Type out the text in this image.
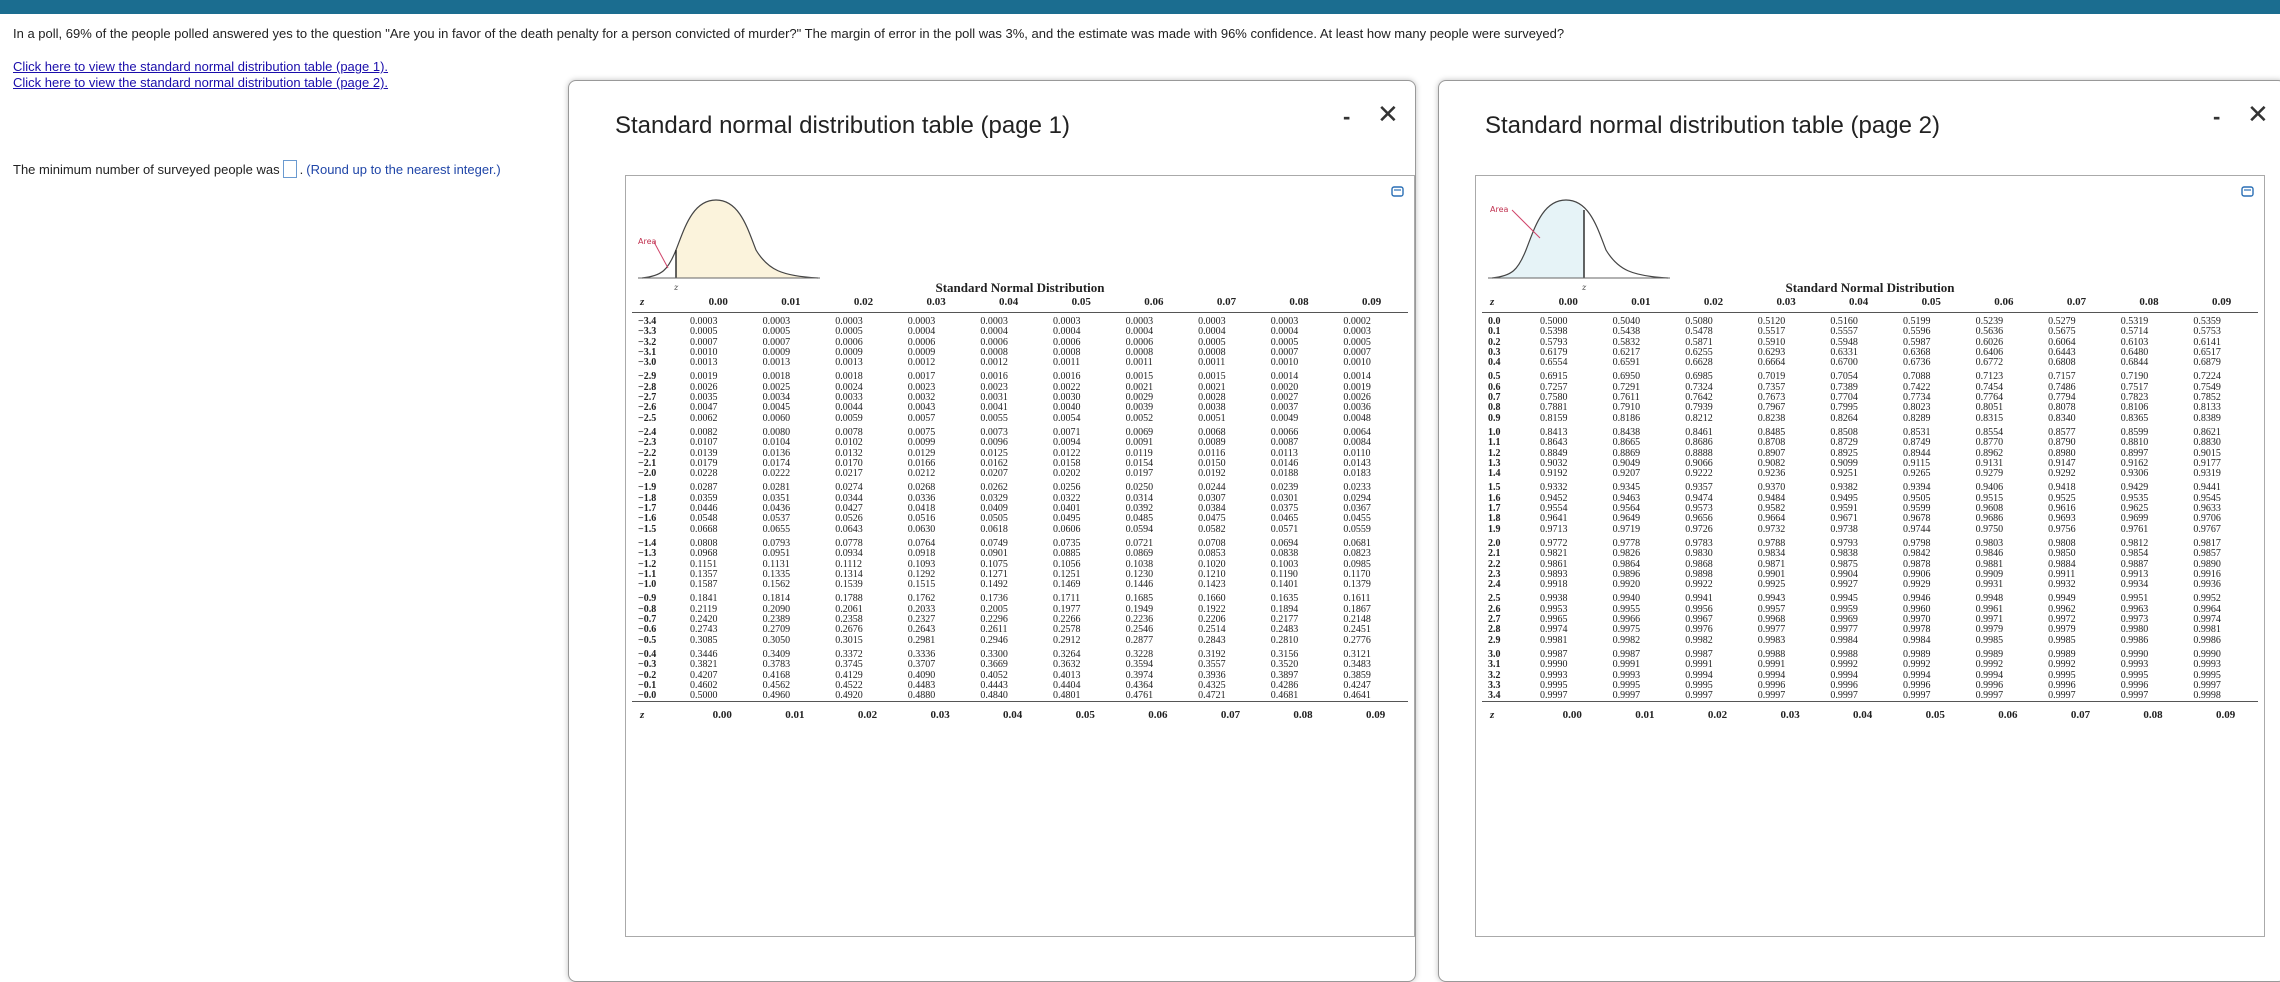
In a poll, 69% of the people polled answered yes to the question "Are you in favor of the death penalty for a person convicted of murder?" The margin of error in the poll was 3%, and the estimate was made with 96% confidence. At least how many people were surveyed?
Click here to view the standard normal distribution table (page 1).
Click here to view the standard normal distribution table (page 2).
The minimum number of surveyed people was . (Round up to the nearest integer.)
Standard normal distribution table (page 1)	- ✕
Area
z	Standard Normal Distribution
z	0.00	0.01	0.02	0.03	0.04	0.05	0.06	0.07	0.08	0.09
−3.4	0.0003	0.0003	0.0003	0.0003	0.0003	0.0003	0.0003	0.0003	0.0003	0.0002
−3.3	0.0005	0.0005	0.0005	0.0004	0.0004	0.0004	0.0004	0.0004	0.0004	0.0003
−3.2	0.0007	0.0007	0.0006	0.0006	0.0006	0.0006	0.0006	0.0005	0.0005	0.0005
−3.1	0.0010	0.0009	0.0009	0.0009	0.0008	0.0008	0.0008	0.0008	0.0007	0.0007
−3.0	0.0013	0.0013	0.0013	0.0012	0.0012	0.0011	0.0011	0.0011	0.0010	0.0010
−2.9	0.0019	0.0018	0.0018	0.0017	0.0016	0.0016	0.0015	0.0015	0.0014	0.0014
−2.8	0.0026	0.0025	0.0024	0.0023	0.0023	0.0022	0.0021	0.0021	0.0020	0.0019
−2.7	0.0035	0.0034	0.0033	0.0032	0.0031	0.0030	0.0029	0.0028	0.0027	0.0026
−2.6	0.0047	0.0045	0.0044	0.0043	0.0041	0.0040	0.0039	0.0038	0.0037	0.0036
−2.5	0.0062	0.0060	0.0059	0.0057	0.0055	0.0054	0.0052	0.0051	0.0049	0.0048
−2.4	0.0082	0.0080	0.0078	0.0075	0.0073	0.0071	0.0069	0.0068	0.0066	0.0064
−2.3	0.0107	0.0104	0.0102	0.0099	0.0096	0.0094	0.0091	0.0089	0.0087	0.0084
−2.2	0.0139	0.0136	0.0132	0.0129	0.0125	0.0122	0.0119	0.0116	0.0113	0.0110
−2.1	0.0179	0.0174	0.0170	0.0166	0.0162	0.0158	0.0154	0.0150	0.0146	0.0143
−2.0	0.0228	0.0222	0.0217	0.0212	0.0207	0.0202	0.0197	0.0192	0.0188	0.0183
−1.9	0.0287	0.0281	0.0274	0.0268	0.0262	0.0256	0.0250	0.0244	0.0239	0.0233
−1.8	0.0359	0.0351	0.0344	0.0336	0.0329	0.0322	0.0314	0.0307	0.0301	0.0294
−1.7	0.0446	0.0436	0.0427	0.0418	0.0409	0.0401	0.0392	0.0384	0.0375	0.0367
−1.6	0.0548	0.0537	0.0526	0.0516	0.0505	0.0495	0.0485	0.0475	0.0465	0.0455
−1.5	0.0668	0.0655	0.0643	0.0630	0.0618	0.0606	0.0594	0.0582	0.0571	0.0559
−1.4	0.0808	0.0793	0.0778	0.0764	0.0749	0.0735	0.0721	0.0708	0.0694	0.0681
−1.3	0.0968	0.0951	0.0934	0.0918	0.0901	0.0885	0.0869	0.0853	0.0838	0.0823
−1.2	0.1151	0.1131	0.1112	0.1093	0.1075	0.1056	0.1038	0.1020	0.1003	0.0985
−1.1	0.1357	0.1335	0.1314	0.1292	0.1271	0.1251	0.1230	0.1210	0.1190	0.1170
−1.0	0.1587	0.1562	0.1539	0.1515	0.1492	0.1469	0.1446	0.1423	0.1401	0.1379
−0.9	0.1841	0.1814	0.1788	0.1762	0.1736	0.1711	0.1685	0.1660	0.1635	0.1611
−0.8	0.2119	0.2090	0.2061	0.2033	0.2005	0.1977	0.1949	0.1922	0.1894	0.1867
−0.7	0.2420	0.2389	0.2358	0.2327	0.2296	0.2266	0.2236	0.2206	0.2177	0.2148
−0.6	0.2743	0.2709	0.2676	0.2643	0.2611	0.2578	0.2546	0.2514	0.2483	0.2451
−0.5	0.3085	0.3050	0.3015	0.2981	0.2946	0.2912	0.2877	0.2843	0.2810	0.2776
−0.4	0.3446	0.3409	0.3372	0.3336	0.3300	0.3264	0.3228	0.3192	0.3156	0.3121
−0.3	0.3821	0.3783	0.3745	0.3707	0.3669	0.3632	0.3594	0.3557	0.3520	0.3483
−0.2	0.4207	0.4168	0.4129	0.4090	0.4052	0.4013	0.3974	0.3936	0.3897	0.3859
−0.1	0.4602	0.4562	0.4522	0.4483	0.4443	0.4404	0.4364	0.4325	0.4286	0.4247
−0.0	0.5000	0.4960	0.4920	0.4880	0.4840	0.4801	0.4761	0.4721	0.4681	0.4641
z	0.00	0.01	0.02	0.03	0.04	0.05	0.06	0.07	0.08	0.09
Standard normal distribution table (page 2)	- ✕
Area
z	Standard Normal Distribution
z	0.00	0.01	0.02	0.03	0.04	0.05	0.06	0.07	0.08	0.09
0.0	0.5000	0.5040	0.5080	0.5120	0.5160	0.5199	0.5239	0.5279	0.5319	0.5359
0.1	0.5398	0.5438	0.5478	0.5517	0.5557	0.5596	0.5636	0.5675	0.5714	0.5753
0.2	0.5793	0.5832	0.5871	0.5910	0.5948	0.5987	0.6026	0.6064	0.6103	0.6141
0.3	0.6179	0.6217	0.6255	0.6293	0.6331	0.6368	0.6406	0.6443	0.6480	0.6517
0.4	0.6554	0.6591	0.6628	0.6664	0.6700	0.6736	0.6772	0.6808	0.6844	0.6879
0.5	0.6915	0.6950	0.6985	0.7019	0.7054	0.7088	0.7123	0.7157	0.7190	0.7224
0.6	0.7257	0.7291	0.7324	0.7357	0.7389	0.7422	0.7454	0.7486	0.7517	0.7549
0.7	0.7580	0.7611	0.7642	0.7673	0.7704	0.7734	0.7764	0.7794	0.7823	0.7852
0.8	0.7881	0.7910	0.7939	0.7967	0.7995	0.8023	0.8051	0.8078	0.8106	0.8133
0.9	0.8159	0.8186	0.8212	0.8238	0.8264	0.8289	0.8315	0.8340	0.8365	0.8389
1.0	0.8413	0.8438	0.8461	0.8485	0.8508	0.8531	0.8554	0.8577	0.8599	0.8621
1.1	0.8643	0.8665	0.8686	0.8708	0.8729	0.8749	0.8770	0.8790	0.8810	0.8830
1.2	0.8849	0.8869	0.8888	0.8907	0.8925	0.8944	0.8962	0.8980	0.8997	0.9015
1.3	0.9032	0.9049	0.9066	0.9082	0.9099	0.9115	0.9131	0.9147	0.9162	0.9177
1.4	0.9192	0.9207	0.9222	0.9236	0.9251	0.9265	0.9279	0.9292	0.9306	0.9319
1.5	0.9332	0.9345	0.9357	0.9370	0.9382	0.9394	0.9406	0.9418	0.9429	0.9441
1.6	0.9452	0.9463	0.9474	0.9484	0.9495	0.9505	0.9515	0.9525	0.9535	0.9545
1.7	0.9554	0.9564	0.9573	0.9582	0.9591	0.9599	0.9608	0.9616	0.9625	0.9633
1.8	0.9641	0.9649	0.9656	0.9664	0.9671	0.9678	0.9686	0.9693	0.9699	0.9706
1.9	0.9713	0.9719	0.9726	0.9732	0.9738	0.9744	0.9750	0.9756	0.9761	0.9767
2.0	0.9772	0.9778	0.9783	0.9788	0.9793	0.9798	0.9803	0.9808	0.9812	0.9817
2.1	0.9821	0.9826	0.9830	0.9834	0.9838	0.9842	0.9846	0.9850	0.9854	0.9857
2.2	0.9861	0.9864	0.9868	0.9871	0.9875	0.9878	0.9881	0.9884	0.9887	0.9890
2.3	0.9893	0.9896	0.9898	0.9901	0.9904	0.9906	0.9909	0.9911	0.9913	0.9916
2.4	0.9918	0.9920	0.9922	0.9925	0.9927	0.9929	0.9931	0.9932	0.9934	0.9936
2.5	0.9938	0.9940	0.9941	0.9943	0.9945	0.9946	0.9948	0.9949	0.9951	0.9952
2.6	0.9953	0.9955	0.9956	0.9957	0.9959	0.9960	0.9961	0.9962	0.9963	0.9964
2.7	0.9965	0.9966	0.9967	0.9968	0.9969	0.9970	0.9971	0.9972	0.9973	0.9974
2.8	0.9974	0.9975	0.9976	0.9977	0.9977	0.9978	0.9979	0.9979	0.9980	0.9981
2.9	0.9981	0.9982	0.9982	0.9983	0.9984	0.9984	0.9985	0.9985	0.9986	0.9986
3.0	0.9987	0.9987	0.9987	0.9988	0.9988	0.9989	0.9989	0.9989	0.9990	0.9990
3.1	0.9990	0.9991	0.9991	0.9991	0.9992	0.9992	0.9992	0.9992	0.9993	0.9993
3.2	0.9993	0.9993	0.9994	0.9994	0.9994	0.9994	0.9994	0.9995	0.9995	0.9995
3.3	0.9995	0.9995	0.9995	0.9996	0.9996	0.9996	0.9996	0.9996	0.9996	0.9997
3.4	0.9997	0.9997	0.9997	0.9997	0.9997	0.9997	0.9997	0.9997	0.9997	0.9998
z	0.00	0.01	0.02	0.03	0.04	0.05	0.06	0.07	0.08	0.09
